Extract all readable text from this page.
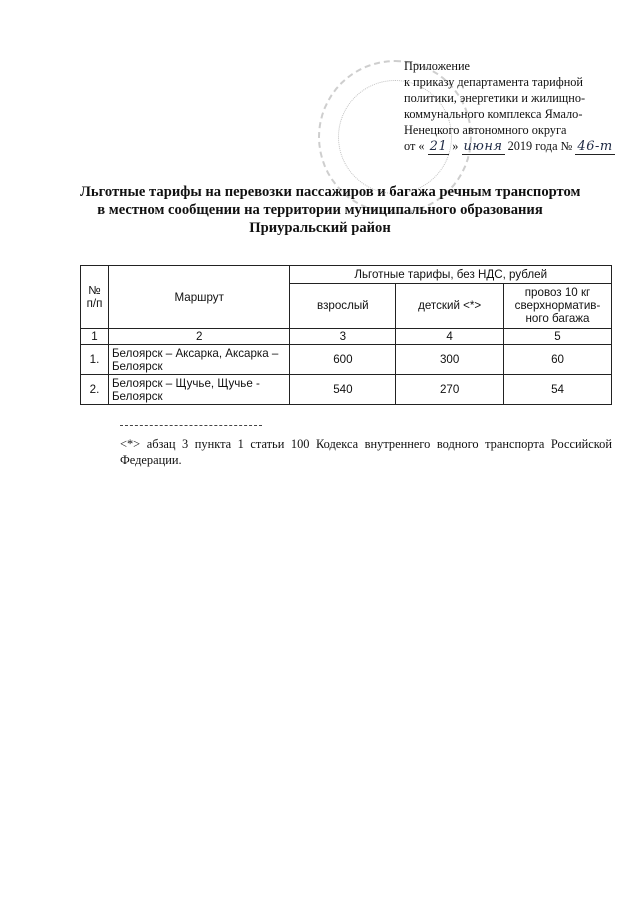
Приложение
к приказу департамента тарифной
политики, энергетики и жилищно-
коммунального комплекса Ямало-
Ненецкого автономного округа
от « 21 » июня 2019 года № 46-т
Льготные тарифы на перевозки пассажиров и багажа речным транспортом
в местном сообщении на территории муниципального образования
Приуральский район
№ п/п	Маршрут	Льготные тарифы, без НДС, рублей		
		взрослый	детский <*>	провоз 10 кг сверхнорматив-ного багажа
1	2	3	4	5
1.	Белоярск – Аксарка, Аксарка – Белоярск	600	300	60
2.	Белоярск – Щучье, Щучье - Белоярск	540	270	54
<*> абзац 3 пункта 1 статьи 100 Кодекса внутреннего водного транспорта Российской Федерации.
